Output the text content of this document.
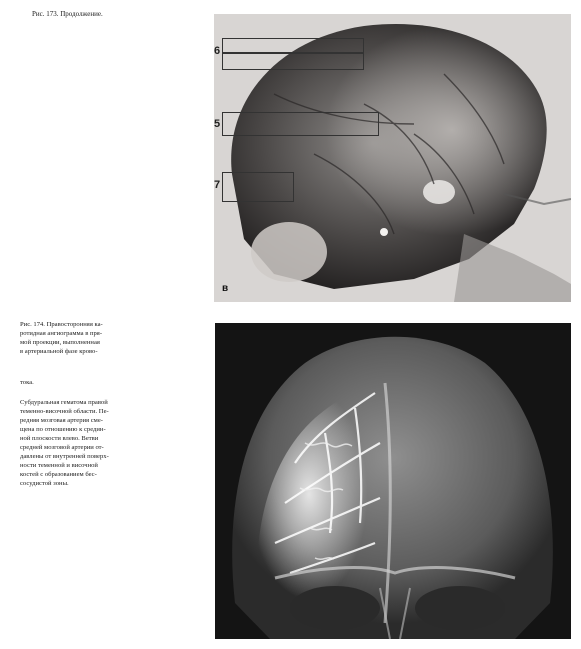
Рис. 173. Продолжение.
6
5
7
в

Рис. 174. Правосторонняя ка-

ротидная ангиограмма в пря-

мой проекции, выполненная

в артериальной фазе крово-

тока.

Субдуральная гематома правой

теменно-височной области. Пе-

редняя мозговая артерия сме-

щена по отношению к средин-

ной плоскости влево. Ветви

средней мозговой артерии от-

давлены от внутренней поверх-

ности теменной и височной

костей с образованием бес-

сосудистой зоны.
